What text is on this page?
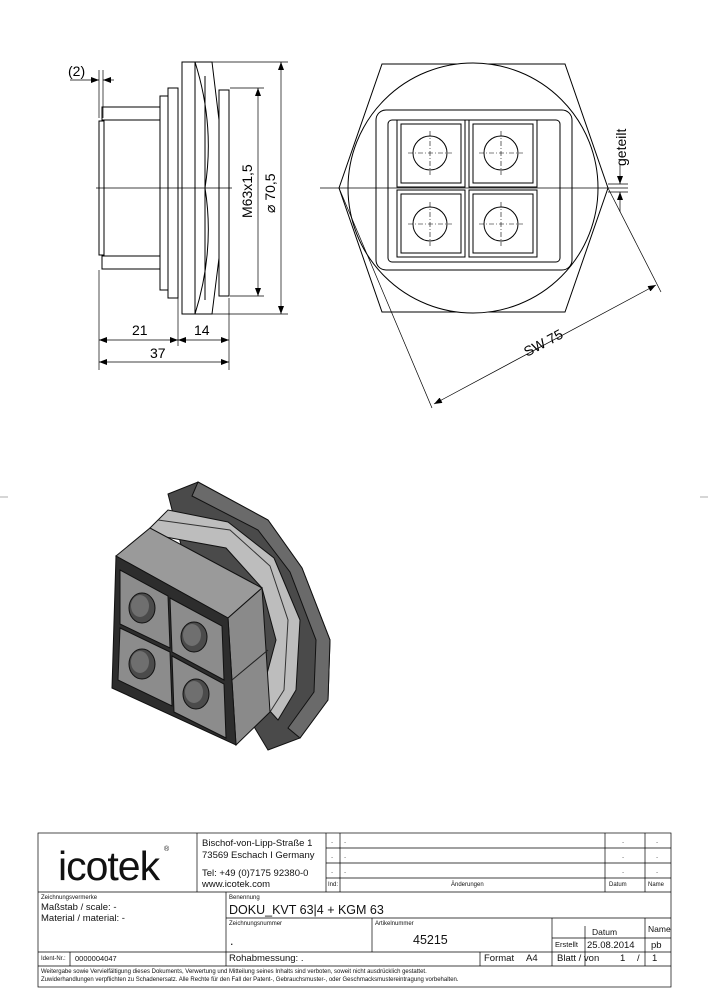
(2)
M63x1,5 ⌀ 70,5
21	14
37
geteilt
SW 75
icotek ®
Bischof-von-Lipp-Straße 1
73569 Eschach I Germany
Tel: +49 (0)7175 92380-0
www.icotek.com
. .	.	.
. .	.	.
. .	.	.
Ind:	Änderungen	Datum	Name
Zeichnungsvermerke
Maßstab / scale: -
Material / material: -
Benennung
DOKU_KVT 63|4 + KGM 63
Zeichnungsnummer
.
Artikelnummer
45215
Datum	Name
Erstellt 25.08.2014 pb
Ident-Nr.: 0000004047	Rohabmessung: .	Format A4 Blatt / von 1 / 1
Weitergabe sowie Vervielfältigung dieses Dokuments, Verwertung und Mitteilung seines Inhalts sind verboten, soweit nicht ausdrücklich gestattet.
Zuwiderhandlungen verpflichten zu Schadenersatz. Alle Rechte für den Fall der Patent-, Gebrauchsmuster-, oder Geschmacksmustereintragung vorbehalten.
